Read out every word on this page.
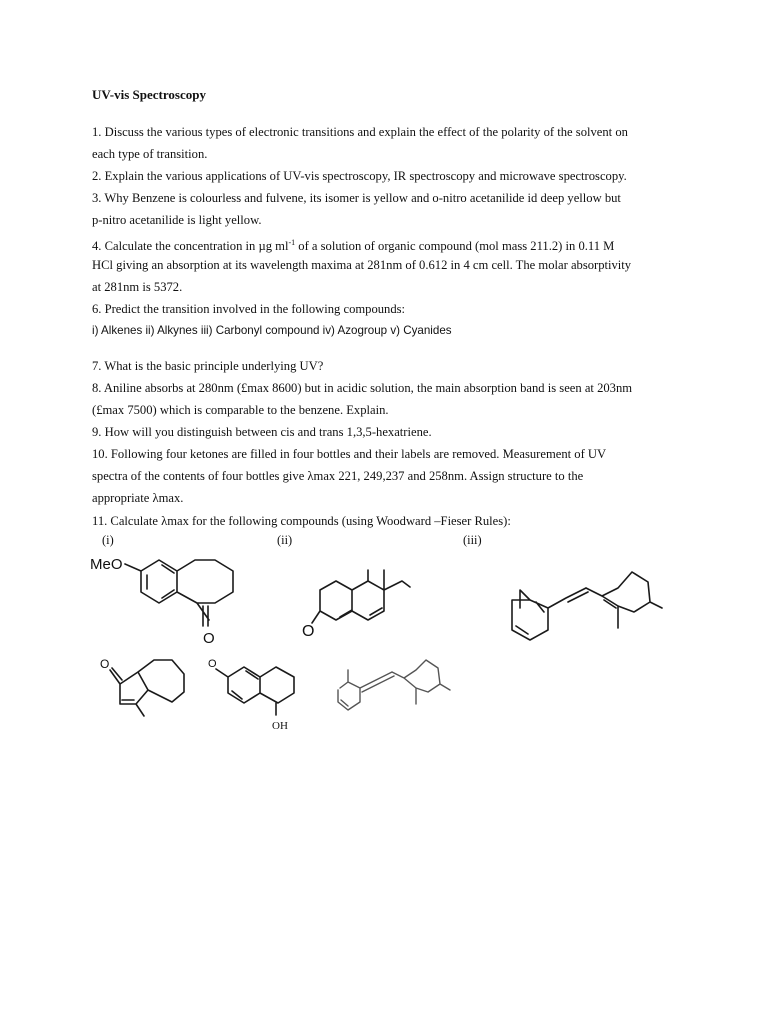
UV-vis Spectroscopy
1. Discuss the various types of electronic transitions and explain the effect of the polarity of the solvent on
each type of transition.
2. Explain the various applications of UV-vis spectroscopy, IR spectroscopy and microwave spectroscopy.
3. Why Benzene is colourless and fulvene, its isomer is yellow and o-nitro acetanilide id deep yellow but
p-nitro acetanilide is light yellow.
4. Calculate the concentration in µg $ml^{-1}$ of a solution of organic compound (mol mass 211.2) in 0.11 M
HCl giving an absorption at its wavelength maxima at 281nm of 0.612 in 4 cm cell. The molar absorptivity
at 281nm is 5372.
6. Predict the transition involved in the following compounds:
i) Alkenes ii) Alkynes iii) Carbonyl compound iv) Azogroup v) Cyanides
7. What is the basic principle underlying UV?
8. Aniline absorbs at 280nm (£max 8600) but in acidic solution, the main absorption band is seen at 203nm
(£max 7500) which is comparable to the benzene. Explain.
9. How will you distinguish between cis and trans 1,3,5-hexatriene.
10. Following four ketones are filled in four bottles and their labels are removed. Measurement of UV
spectra of the contents of four bottles give λmax 221, 249,237 and 258nm. Assign structure to the
appropriate λmax.
11. Calculate λmax for the following compounds (using Woodward –Fieser Rules):
(i)	(ii)	(iii)
MeO
O	O
O	O
OH
